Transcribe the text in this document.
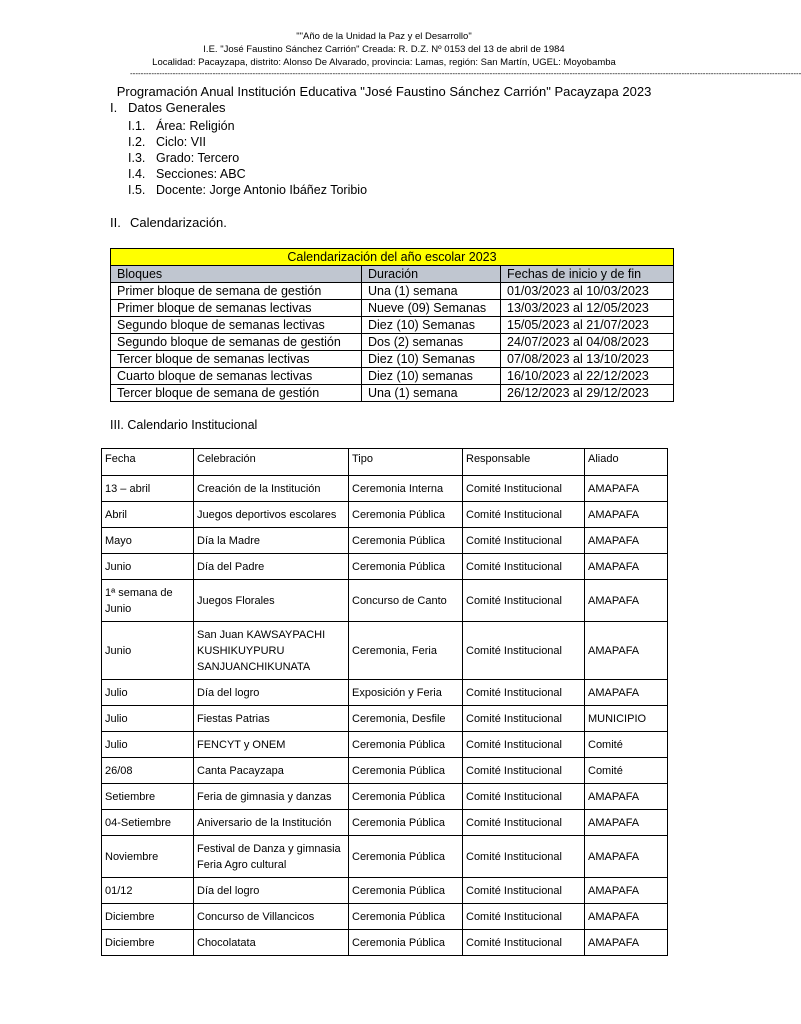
""Año de la Unidad la Paz y el Desarrollo"
I.E. "José Faustino Sánchez Carrión" Creada: R. D.Z. Nº 0153 del 13 de abril de 1984
Localidad: Pacayzapa, distrito: Alonso De Alvarado, provincia: Lamas, región: San Martín, UGEL: Moyobamba
------------------------------------------------------------------------------------------------------------------------------------------------------------------------------------------------------------------------------------------------------------
Programación Anual Institución Educativa "José Faustino Sánchez Carrión" Pacayzapa 2023
I. Datos Generales
I.1. Área: Religión
I.2. Ciclo: VII
I.3. Grado: Tercero
I.4. Secciones: ABC
I.5. Docente: Jorge Antonio Ibáñez Toribio
II. Calendarización.
Calendarización del año escolar 2023		
Bloques	Duración	Fechas de inicio y de fin
Primer bloque de semana de gestión	Una (1) semana	01/03/2023 al 10/03/2023
Primer bloque de semanas lectivas	Nueve (09) Semanas	13/03/2023 al 12/05/2023
Segundo bloque de semanas lectivas	Diez (10) Semanas	15/05/2023 al 21/07/2023
Segundo bloque de semanas de gestión	Dos (2) semanas	24/07/2023 al 04/08/2023
Tercer bloque de semanas lectivas	Diez (10) Semanas	07/08/2023 al 13/10/2023
Cuarto bloque de semanas lectivas	Diez (10) semanas	16/10/2023 al 22/12/2023
Tercer bloque de semana de gestión	Una (1) semana	26/12/2023 al 29/12/2023
III. Calendario Institucional
Fecha	Celebración	Tipo	Responsable	Aliado
13 – abril	Creación de la Institución	Ceremonia Interna	Comité Institucional	AMAPAFA
Abril	Juegos deportivos escolares	Ceremonia Pública	Comité Institucional	AMAPAFA
Mayo	Día la Madre	Ceremonia Pública	Comité Institucional	AMAPAFA
Junio	Día del Padre	Ceremonia Pública	Comité Institucional	AMAPAFA
1ª semana de Junio	Juegos Florales	Concurso de Canto	Comité Institucional	AMAPAFA
Junio	San Juan KAWSAYPACHI KUSHIKUYPURU SANJUANCHIKUNATA	Ceremonia, Feria	Comité Institucional	AMAPAFA
Julio	Día del logro	Exposición y Feria	Comité Institucional	AMAPAFA
Julio	Fiestas Patrias	Ceremonia, Desfile	Comité Institucional	MUNICIPIO
Julio	FENCYT y ONEM	Ceremonia Pública	Comité Institucional	Comité
26/08	Canta Pacayzapa	Ceremonia Pública	Comité Institucional	Comité
Setiembre	Feria de gimnasia y danzas	Ceremonia Pública	Comité Institucional	AMAPAFA
04-Setiembre	Aniversario de la Institución	Ceremonia Pública	Comité Institucional	AMAPAFA
Noviembre	Festival de Danza y gimnasia Feria Agro cultural	Ceremonia Pública	Comité Institucional	AMAPAFA
01/12	Día del logro	Ceremonia Pública	Comité Institucional	AMAPAFA
Diciembre	Concurso de Villancicos	Ceremonia Pública	Comité Institucional	AMAPAFA
Diciembre	Chocolatata	Ceremonia Pública	Comité Institucional	AMAPAFA
